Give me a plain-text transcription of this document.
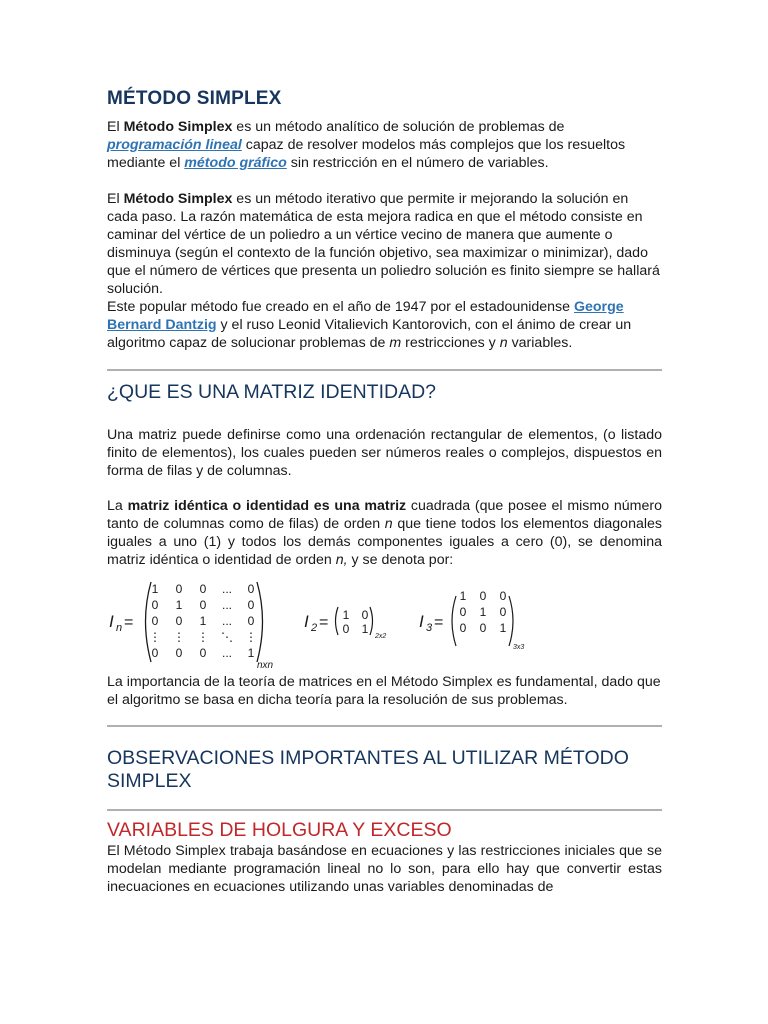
MÉTODO SIMPLEX

El Método Simplex es un método analítico de solución de problemas de programación lineal capaz de resolver modelos más complejos que los resueltos mediante el método gráfico sin restricción en el número de variables.

El Método Simplex es un método iterativo que permite ir mejorando la solución en cada paso. La razón matemática de esta mejora radica en que el método consiste en caminar del vértice de un poliedro a un vértice vecino de manera que aumente o disminuya (según el contexto de la función objetivo, sea maximizar o minimizar), dado que el número de vértices que presenta un poliedro solución es finito siempre se hallará solución.

Este popular método fue creado en el año de 1947 por el estadounidense George Bernard Dantzig y el ruso Leonid Vitalievich Kantorovich, con el ánimo de crear un algoritmo capaz de solucionar problemas de m restricciones y n variables.

¿QUE ES UNA MATRIZ IDENTIDAD?

Una matriz puede definirse como una ordenación rectangular de elementos, (o listado finito de elementos), los cuales pueden ser números reales o complejos, dispuestos en forma de filas y de columnas.

La matriz idéntica o identidad es una matriz cuadrada (que posee el mismo número tanto de columnas como de filas) de orden n que tiene todos los elementos diagonales iguales a uno (1) y todos los demás componentes iguales a cero (0), se denomina matriz idéntica o identidad de orden n, y se denota por:

I n =
1 0 0 ... 0
0 1 0 ... 0
0 0 1 ... 0
⋮ ⋮ ⋮ ⋱ ⋮
0 0 0 ... 1
nxn
I 2 = 1 0
0 1
2x2
I 3 =
1 0 0
0 1 0
0 0 1
3x3

La importancia de la teoría de matrices en el Método Simplex es fundamental, dado que el algoritmo se basa en dicha teoría para la resolución de sus problemas.

OBSERVACIONES IMPORTANTES AL UTILIZAR MÉTODO SIMPLEX
VARIABLES DE HOLGURA Y EXCESO

El Método Simplex trabaja basándose en ecuaciones y las restricciones iniciales que se modelan mediante programación lineal no lo son, para ello hay que convertir estas inecuaciones en ecuaciones utilizando unas variables denominadas de
